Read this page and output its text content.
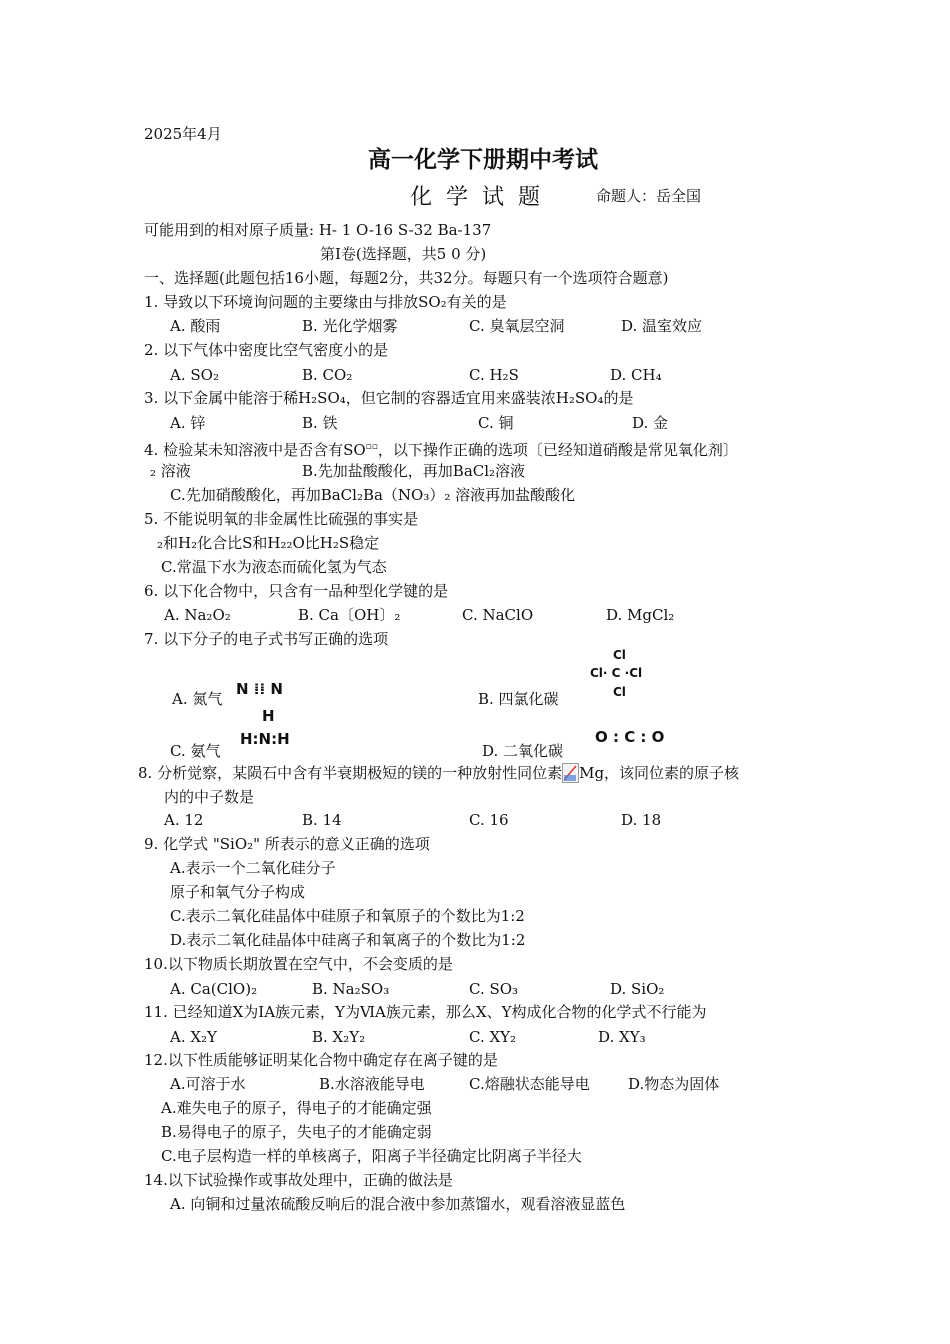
2025年4月
高一化学下册期中考试
化学试题	命题人：岳全国
可能用到的相对原子质量: H- 1 O-16 S-32 Ba-137
第Ⅰ卷(选择题，共5 0 分)
一、选择题(此题包括16小题，每题2分，共32分。每题只有一个选项符合题意)
1. 导致以下环境询问题的主要缘由与排放SO₂有关的是
A. 酸雨	B. 光化学烟雾	C. 臭氧层空洞	D. 温室效应
2. 以下气体中密度比空气密度小的是
A. SO₂	B. CO₂	C. H₂S	D. CH₄
3. 以下金属中能溶于稀H₂SO₄，但它制的容器适宜用来盛装浓H₂SO₄的是
A. 锌	B. 铁	C. 铜	D. 金
4. 检验某未知溶液中是否含有SO▫▫，以下操作正确的选项〔已经知道硝酸是常见氧化剂〕
₂ 溶液	B.先加盐酸酸化，再加BaCl₂溶液
C.先加硝酸酸化，再加BaCl₂Ba（NO₃）₂ 溶液再加盐酸酸化
5. 不能说明氧的非金属性比硫强的事实是
₂和H₂化合比S和H₂₂O比H₂S稳定
C.常温下水为液态而硫化氢为气态
6. 以下化合物中，只含有一品种型化学键的是
A. Na₂O₂	B. Ca〔OH〕₂	C. NaClO	D. MgCl₂
7. 以下分子的电子式书写正确的选项
A. 氮气
N ⁞⁞ N
B. 四氯化碳
Cl
Cl· C ·Cl
Cl
C. 氨气
H
H:N:H
D. 二氧化碳
O : C : O
8. 分析觉察，某陨石中含有半衰期极短的镁的一种放射性同位素 Mg，该同位素的原子核
内的中子数是
A. 12	B. 14	C. 16	D. 18
9. 化学式 "SiO₂" 所表示的意义正确的选项
A.表示一个二氧化硅分子
原子和氧气分子构成
C.表示二氧化硅晶体中硅原子和氧原子的个数比为1:2
D.表示二氧化硅晶体中硅离子和氧离子的个数比为1:2
10.以下物质长期放置在空气中，不会变质的是
A. Ca(ClO)₂	B. Na₂SO₃	C. SO₃	D. SiO₂
11. 已经知道X为ⅠA族元素，Y为ⅥA族元素，那么X、Y构成化合物的化学式不行能为
A. X₂Y	B. X₂Y₂	C. XY₂	D. XY₃
12.以下性质能够证明某化合物中确定存在离子键的是
A.可溶于水	B.水溶液能导电	C.熔融状态能导电	D.物态为固体
A.难失电子的原子，得电子的才能确定强
B.易得电子的原子，失电子的才能确定弱
C.电子层构造一样的单核离子，阳离子半径确定比阴离子半径大
14.以下试验操作或事故处理中，正确的做法是
A. 向铜和过量浓硫酸反响后的混合液中参加蒸馏水，观看溶液显蓝色
